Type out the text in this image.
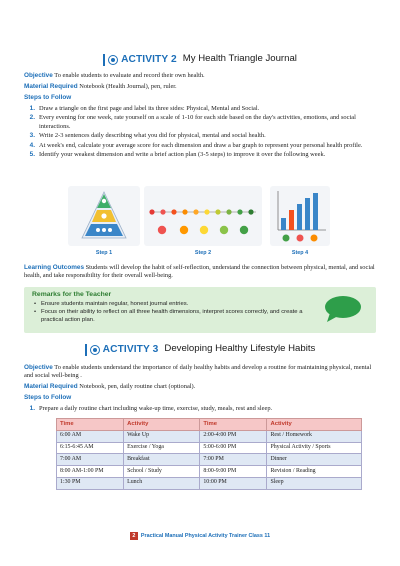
ACTIVITY 2 My Health Triangle Journal
Objective To enable students to evaluate and record their own health.
Material Required Notebook (Health Journal), pen, ruler.
Steps to Follow
1. Draw a triangle on the first page and label its three sides: Physical, Mental and Social.
2. Every evening for one week, rate yourself on a scale of 1-10 for each side based on the day's activities, emotions, and social interactions.
3. Write 2-3 sentences daily describing what you did for physical, mental and social health.
4. At week's end, calculate your average score for each dimension and draw a bar graph to represent your personal health profile.
5. Identify your weakest dimension and write a brief action plan (3-5 steps) to improve it over the following week.
Step 1	Step 2	Step 4
Learning Outcomes Students will develop the habit of self-reflection, understand the connection between physical, mental, and social health, and take responsibility for their overall well-being.
Remarks for the Teacher
• Ensure students maintain regular, honest journal entries.
• Focus on their ability to reflect on all three health dimensions, interpret scores correctly, and create a practical action plan.
ACTIVITY 3 Developing Healthy Lifestyle Habits
Objective To enable students understand the importance of daily healthy habits and develop a routine for maintaining physical, mental and social well-being .
Material Required Notebook, pen, daily routine chart (optional).
Steps to Follow
1. Prepare a daily routine chart including wake-up time, exercise, study, meals, rest and sleep.
Time	Activity	Time	Activity
6:00 AM	Wake Up	2:00-4:00 PM	Rest / Homework
6:15-6:45 AM	Exercise / Yoga	5:00-6:00 PM	Physical Activity / Sports
7:00 AM	Breakfast	7:00 PM	Dinner
8:00 AM-1:00 PM	School / Study	8:00-9:00 PM	Revision / Reading
1:30 PM	Lunch	10:00 PM	Sleep
2	Practical Manual Physical Activity Trainer Class 11
